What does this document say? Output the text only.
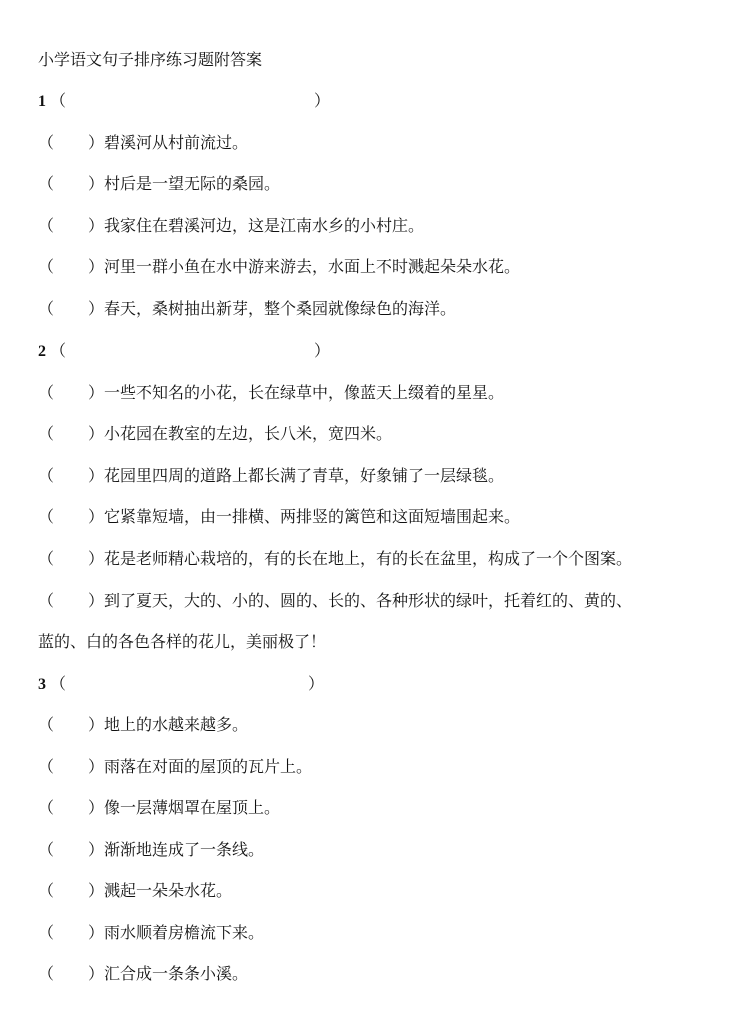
小学语文句子排序练习题附答案
1 （	）
（ ）碧溪河从村前流过。
（ ）村后是一望无际的桑园。
（ ）我家住在碧溪河边，这是江南水乡的小村庄。
（ ）河里一群小鱼在水中游来游去，水面上不时溅起朵朵水花。
（ ）春天，桑树抽出新芽，整个桑园就像绿色的海洋。
2 （	）
（ ）一些不知名的小花，长在绿草中，像蓝天上缀着的星星。
（ ）小花园在教室的左边，长八米，宽四米。
（ ）花园里四周的道路上都长满了青草，好象铺了一层绿毯。
（ ）它紧靠短墙，由一排横、两排竖的篱笆和这面短墙围起来。
（ ）花是老师精心栽培的，有的长在地上，有的长在盆里，构成了一个个图案。
（ ）到了夏天，大的、小的、圆的、长的、各种形状的绿叶，托着红的、黄的、
蓝的、白的各色各样的花儿，美丽极了！
3 （	）
（ ）地上的水越来越多。
（ ）雨落在对面的屋顶的瓦片上。
（ ）像一层薄烟罩在屋顶上。
（ ）渐渐地连成了一条线。
（ ）溅起一朵朵水花。
（ ）雨水顺着房檐流下来。
（ ）汇合成一条条小溪。
